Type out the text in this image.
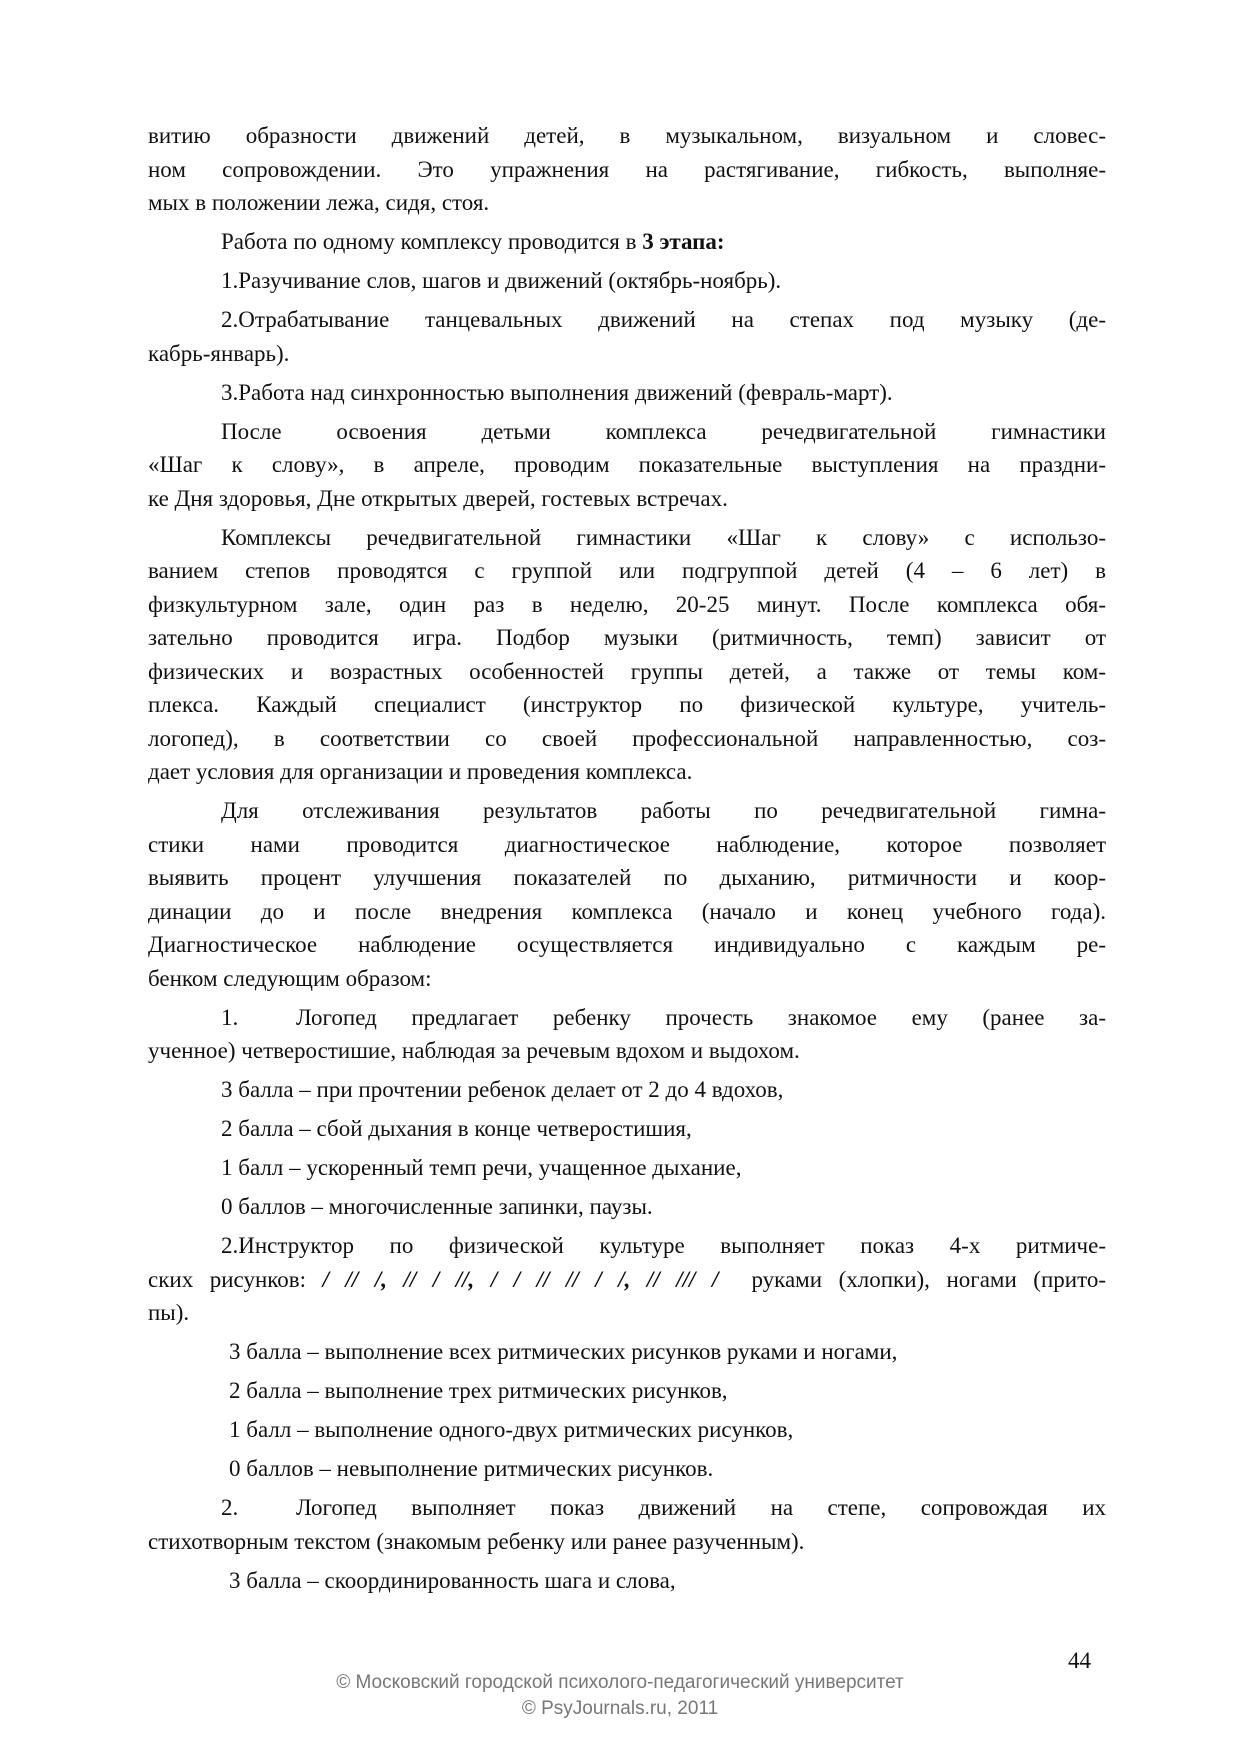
витию образности движений детей, в музыкальном, визуальном и словес-
ном сопровождении. Это упражнения на растягивание, гибкость, выполняе-
мых в положении лежа, сидя, стоя.
Работа по одному комплексу проводится в 3 этапа:
1.Разучивание слов, шагов и движений (октябрь-ноябрь).
2.Отрабатывание танцевальных движений на степах под музыку (де-
кабрь-январь).
3.Работа над синхронностью выполнения движений (февраль-март).
После освоения детьми комплекса речедвигательной гимнастики
«Шаг к слову», в апреле, проводим показательные выступления на праздни-
ке Дня здоровья, Дне открытых дверей, гостевых встречах.
Комплексы речедвигательной гимнастики «Шаг к слову» с использо-
ванием степов проводятся с группой или подгруппой детей (4 – 6 лет) в
физкультурном зале, один раз в неделю, 20-25 минут. После комплекса обя-
зательно проводится игра. Подбор музыки (ритмичность, темп) зависит от
физических и возрастных особенностей группы детей, а также от темы ком-
плекса. Каждый специалист (инструктор по физической культуре, учитель-
логопед), в соответствии со своей профессиональной направленностью, соз-
дает условия для организации и проведения комплекса.
Для отслеживания результатов работы по речедвигательной гимна-
стики нами проводится диагностическое наблюдение, которое позволяет
выявить процент улучшения показателей по дыханию, ритмичности и коор-
динации до и после внедрения комплекса (начало и конец учебного года).
Диагностическое наблюдение осуществляется индивидуально с каждым ре-
бенком следующим образом:
1.	Логопед предлагает ребенку прочесть знакомое ему (ранее за-
ученное) четверостишие, наблюдая за речевым вдохом и выдохом.
3 балла – при прочтении ребенок делает от 2 до 4 вдохов,
2 балла – сбой дыхания в конце четверостишия,
1 балл – ускоренный темп речи, учащенное дыхание,
0 баллов – многочисленные запинки, паузы.
2.Инструктор по физической культуре выполняет показ 4-х ритмиче-
ских рисунков: / // /, // / //, / / // // / /, // /// /  руками (хлопки), ногами (прито-
пы).
3 балла – выполнение всех ритмических рисунков руками и ногами,
2 балла – выполнение трех ритмических рисунков,
1 балл – выполнение одного-двух ритмических рисунков,
0 баллов – невыполнение ритмических рисунков.
2.	Логопед выполняет показ движений на степе, сопровождая их
стихотворным текстом (знакомым ребенку или ранее разученным).
3 балла – скоординированность шага и слова,
44
© Московский городской психолого-педагогический университет
© PsyJournals.ru, 2011
